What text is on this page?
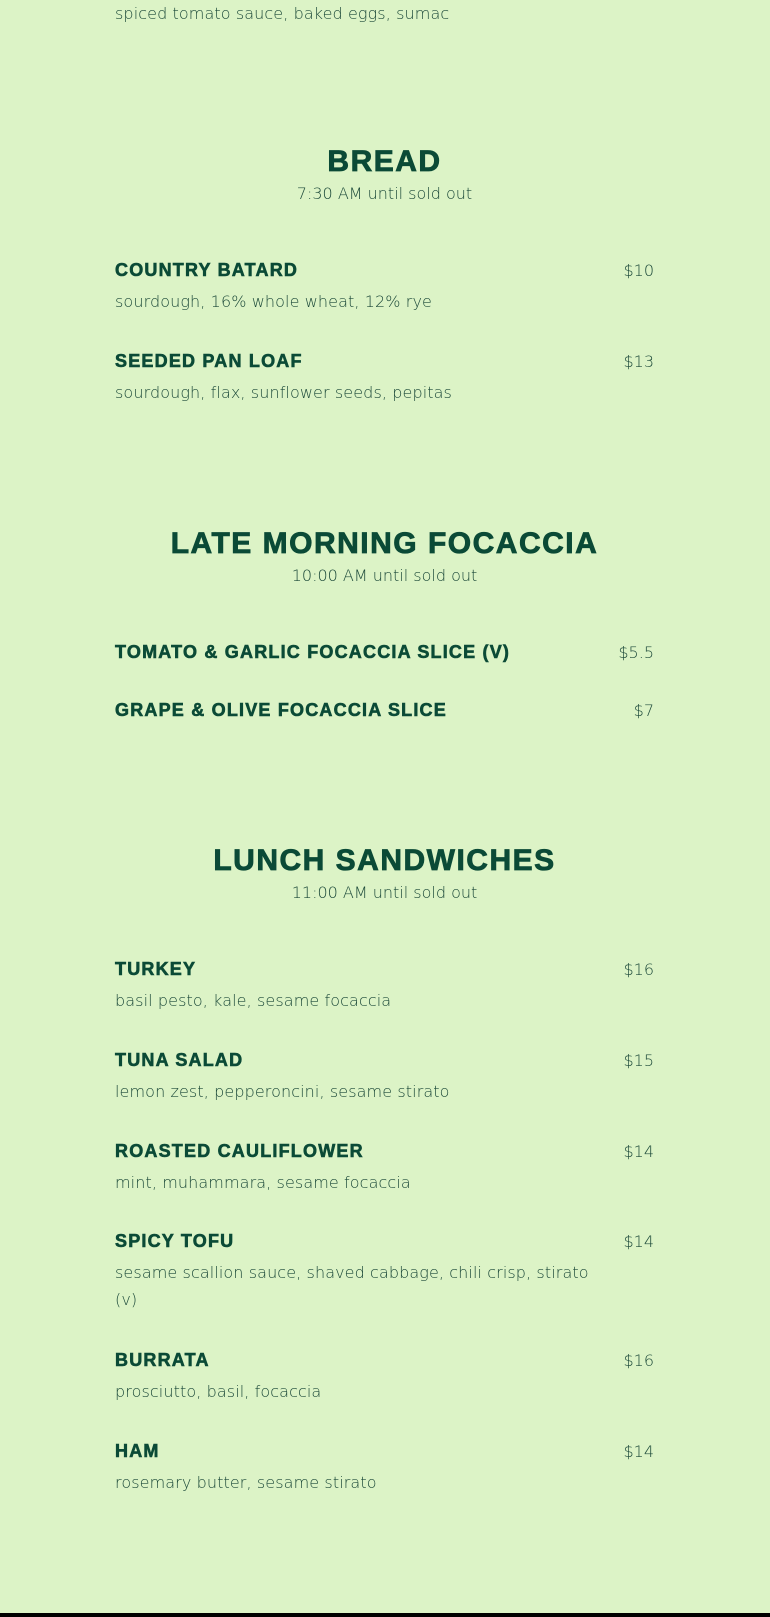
spiced tomato sauce, baked eggs, sumac
BREAD
7:30 AM until sold out
COUNTRY BATARD	$10
sourdough, 16% whole wheat, 12% rye
SEEDED PAN LOAF	$13
sourdough, flax, sunflower seeds, pepitas
LATE MORNING FOCACCIA
10:00 AM until sold out
TOMATO & GARLIC FOCACCIA SLICE (V)	$5.5
GRAPE & OLIVE FOCACCIA SLICE	$7
LUNCH SANDWICHES
11:00 AM until sold out
TURKEY	$16
basil pesto, kale, sesame focaccia
TUNA SALAD	$15
lemon zest, pepperoncini, sesame stirato
ROASTED CAULIFLOWER	$14
mint, muhammara, sesame focaccia
SPICY TOFU	$14
sesame scallion sauce, shaved cabbage, chili crisp, stirato (v)
BURRATA	$16
prosciutto, basil, focaccia
HAM	$14
rosemary butter, sesame stirato
